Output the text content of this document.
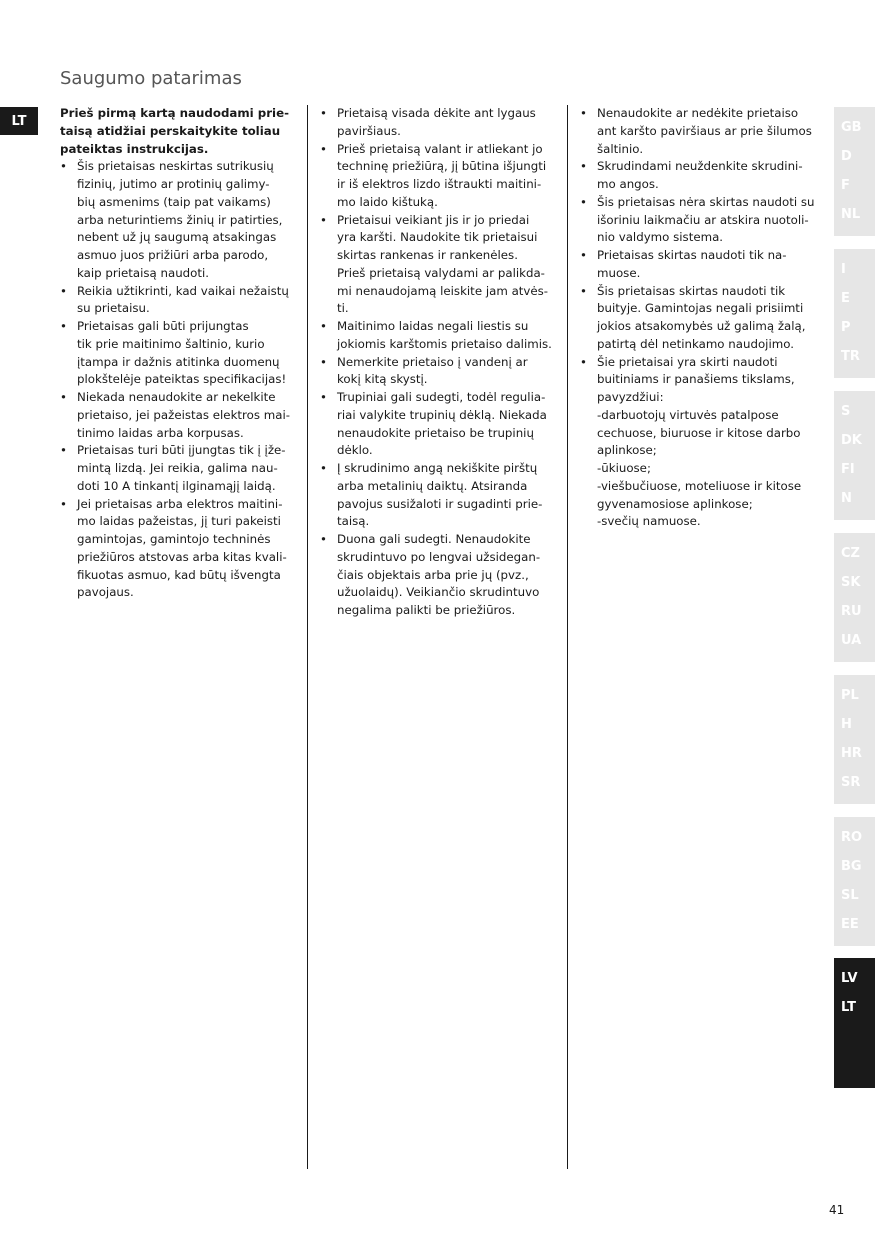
Saugumo patarimas
LT

Prieš pirmą kartą naudodami prie-
taisą atidžiai perskaitykite toliau
pateiktas instrukcijas.

• Šis prietaisas neskirtas sutrikusių
fizinių, jutimo ar protinių galimy-
bių asmenims (taip pat vaikams)
arba neturintiems žinių ir patirties,
nebent už jų saugumą atsakingas
asmuo juos prižiūri arba parodo,
kaip prietaisą naudoti.
• Reikia užtikrinti, kad vaikai nežaistų
su prietaisu.
• Prietaisas gali būti prijungtas
tik prie maitinimo šaltinio, kurio
įtampa ir dažnis atitinka duomenų
plokštelėje pateiktas specifikacijas!
• Niekada nenaudokite ar nekelkite
prietaiso, jei pažeistas elektros mai-
tinimo laidas arba korpusas.
• Prietaisas turi būti įjungtas tik į įže-
mintą lizdą. Jei reikia, galima nau-
doti 10 A tinkantį ilginamąjį laidą.
• Jei prietaisas arba elektros maitini-
mo laidas pažeistas, jį turi pakeisti
gamintojas, gamintojo techninės
priežiūros atstovas arba kitas kvali-
fikuotas asmuo, kad būtų išvengta
pavojaus.
• Prietaisą visada dėkite ant lygaus
paviršiaus.
• Prieš prietaisą valant ir atliekant jo
techninę priežiūrą, jį būtina išjungti
ir iš elektros lizdo ištraukti maitini-
mo laido kištuką.
• Prietaisui veikiant jis ir jo priedai
yra karšti. Naudokite tik prietaisui
skirtas rankenas ir rankenėles.
Prieš prietaisą valydami ar palikda-
mi nenaudojamą leiskite jam atvės-
ti.
• Maitinimo laidas negali liestis su
jokiomis karštomis prietaiso dalimis.
• Nemerkite prietaiso į vandenį ar
kokį kitą skystį.
• Trupiniai gali sudegti, todėl regulia-
riai valykite trupinių dėklą. Niekada
nenaudokite prietaiso be trupinių
dėklo.
• Į skrudinimo angą nekiškite pirštų
arba metalinių daiktų. Atsiranda
pavojus susižaloti ir sugadinti prie-
taisą.
• Duona gali sudegti. Nenaudokite
skrudintuvo po lengvai užsidegan-
čiais objektais arba prie jų (pvz.,
užuolaidų). Veikiančio skrudintuvo
negalima palikti be priežiūros.
• Nenaudokite ar nedėkite prietaiso
ant karšto paviršiaus ar prie šilumos
šaltinio.
• Skrudindami neuždenkite skrudini-
mo angos.
• Šis prietaisas nėra skirtas naudoti su
išoriniu laikmačiu ar atskira nuotoli-
nio valdymo sistema.
• Prietaisas skirtas naudoti tik na-
muose.
• Šis prietaisas skirtas naudoti tik
buityje. Gamintojas negali prisiimti
jokios atsakomybės už galimą žalą,
patirtą dėl netinkamo naudojimo.
• Šie prietaisai yra skirti naudoti
buitiniams ir panašiems tikslams,
pavyzdžiui:
-darbuotojų virtuvės patalpose
cechuose, biuruose ir kitose darbo
aplinkose;
-ūkiuose;
-viešbučiuose, moteliuose ir kitose
gyvenamosiose aplinkose;
-svečių namuose.
GB
D
F
NL
I
E
P
TR
S
DK
FI
N
CZ
SK
RU
UA
PL
H
HR
SR
RO
BG
SL
EE
LV
LT
41
